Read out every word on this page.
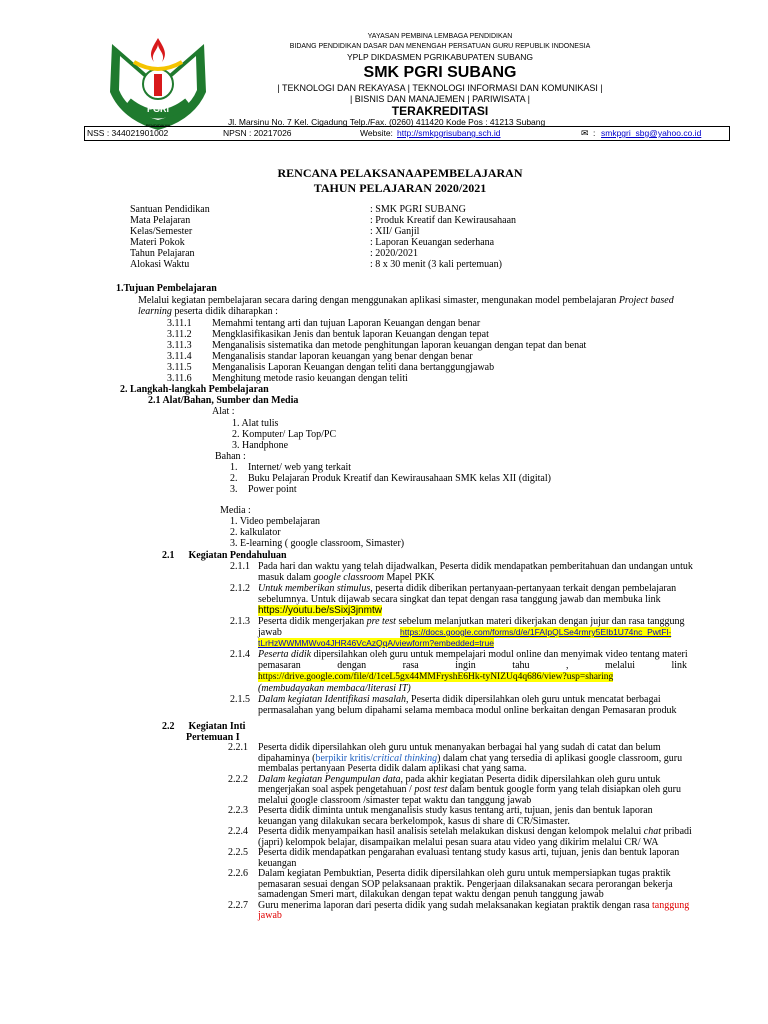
PGRI
PENDIDIKAN
YAYASAN PEMBINA LEMBAGA PENDIDIKAN
BIDANG PENDIDIKAN DASAR DAN MENENGAH PERSATUAN GURU REPUBLIK INDONESIA
YPLP DIKDASMEN PGRIKABUPATEN SUBANG
SMK PGRI SUBANG
| TEKNOLOGI DAN REKAYASA | TEKNOLOGI INFORMASI DAN KOMUNIKASI |
| BISNIS DAN MANAJEMEN | PARIWISATA |
TERAKREDITASI
Jl. Marsinu No. 7 Kel. Cigadung Telp./Fax. (0260) 411420 Kode Pos : 41213 Subang
NSS : 344021901002	NPSN : 20217026	Website: http://smkpgrisubang.sch.id	✉ : smkpgri_sbg@yahoo.co.id
RENCANA PELAKSANAAPEMBELAJARAN
TAHUN PELAJARAN 2020/2021
Santuan Pendidikan	: SMK PGRI SUBANG
Mata Pelajaran	: Produk Kreatif dan Kewirausahaan
Kelas/Semester	: XII/ Ganjil
Materi Pokok	: Laporan Keuangan sederhana
Tahun Pelajaran	: 2020/2021
Alokasi Waktu	: 8 x 30 menit (3 kali pertemuan)
1.Tujuan Pembelajaran
Melalui kegiatan pembelajaran secara daring dengan menggunakan aplikasi simaster, mengunakan model pembelajaran Project based
learning peserta didik diharapkan :
3.11.1 Memahmi tentang arti dan tujuan Laporan Keuangan dengan benar
3.11.2 Mengklasifikasikan Jenis dan bentuk laporan Keuangan dengan tepat
3.11.3 Menganalisis sistematika dan metode penghitungan laporan keuangan dengan tepat dan benat
3.11.4 Menganalisis standar laporan keuangan yang benar dengan benar
3.11.5 Menganalisis Laporan Keuangan dengan teliti dana bertanggungjawab
3.11.6 Menghitung metode rasio keuangan dengan teliti
2. Langkah-langkah Pembelajaran
2.1 Alat/Bahan, Sumber dan Media
Alat :
1. Alat tulis
2. Komputer/ Lap Top/PC
3. Handphone
Bahan :
1. Internet/ web yang terkait
2. Buku Pelajaran Produk Kreatif dan Kewirausahaan SMK kelas XII (digital)
3. Power point
Media :
1. Video pembelajaran
2. kalkulator
3. E-learning ( google classroom, Simaster)
2.1 Kegiatan Pendahuluan
2.1.1 Pada hari dan waktu yang telah dijadwalkan, Peserta didik mendapatkan pemberitahuan dan undangan untuk
masuk dalam google classroom Mapel PKK
2.1.2 Untuk memberikan stimulus, peserta didik diberikan pertanyaan-pertanyaan terkait dengan pembelajaran
sebelumnya. Untuk dijawab secara singkat dan tepat dengan rasa tanggung jawab dan membuka link
https://youtu.be/sSixj3jnmtw
2.1.3 Peserta didik mengerjakan pre test sebelum melanjutkan materi dikerjakan dengan jujur dan rasa tanggung
jawab	https://docs.google.com/forms/d/e/1FAIpQLSe4rmry5EIb1U74nc_PwtFl-
tLrHzWWMMWvo4JHR46VcAzQqA/viewform?embedded=true
2.1.4 Peserta didik dipersilahkan oleh guru untuk mempelajari modul online dan menyimak video tentang materi
pemasaran dengan rasa ingin tahu , melalui link
https://drive.google.com/file/d/1ceL5gx44MMFryshE6Hk-tyNIZUq4q686/view?usp=sharing
(membudayakan membaca/literasi IT)
2.1.5 Dalam kegiatan Identifikasi masalah, Peserta didik dipersilahkan oleh guru untuk mencatat berbagai
permasalahan yang belum dipahami selama membaca modul online berkaitan dengan Pemasaran produk
2.2 Kegiatan Inti
Pertemuan I
2.2.1 Peserta didik dipersilahkan oleh guru untuk menanyakan berbagai hal yang sudah di catat dan belum
dipahaminya (berpikir kritis/critical thinking) dalam chat yang tersedia di aplikasi google classroom, guru
membalas pertanyaan Peserta didik dalam aplikasi chat yang sama.
2.2.2 Dalam kegiatan Pengumpulan data, pada akhir kegiatan Peserta didik dipersilahkan oleh guru untuk
mengerjakan soal aspek pengetahuan / post test dalam bentuk google form yang telah disiapkan oleh guru
melalui google classroom /simaster tepat waktu dan tanggung jawab
2.2.3 Peserta didik diminta untuk menganalisis study kasus tentang arti, tujuan, jenis dan bentuk laporan
keuangan yang dilakukan secara berkelompok, kasus di share di CR/Simaster.
2.2.4 Peserta didik menyampaikan hasil analisis setelah melakukan diskusi dengan kelompok melalui chat pribadi
(japri) kelompok belajar, disampaikan melalui pesan suara atau video yang dikirim melalui CR/ WA
2.2.5 Peserta didik mendapatkan pengarahan evaluasi tentang study kasus arti, tujuan, jenis dan bentuk laporan
keuangan
2.2.6 Dalam kegiatan Pembuktian, Peserta didik dipersilahkan oleh guru untuk mempersiapkan tugas praktik
pemasaran sesuai dengan SOP pelaksanaan praktik. Pengerjaan dilaksanakan secara perorangan bekerja
samadengan Smeri mart, dilakukan dengan tepat waktu dengan penuh tanggung jawab
2.2.7 Guru menerima laporan dari peserta didik yang sudah melaksanakan kegiatan praktik dengan rasa tanggung
jawab
